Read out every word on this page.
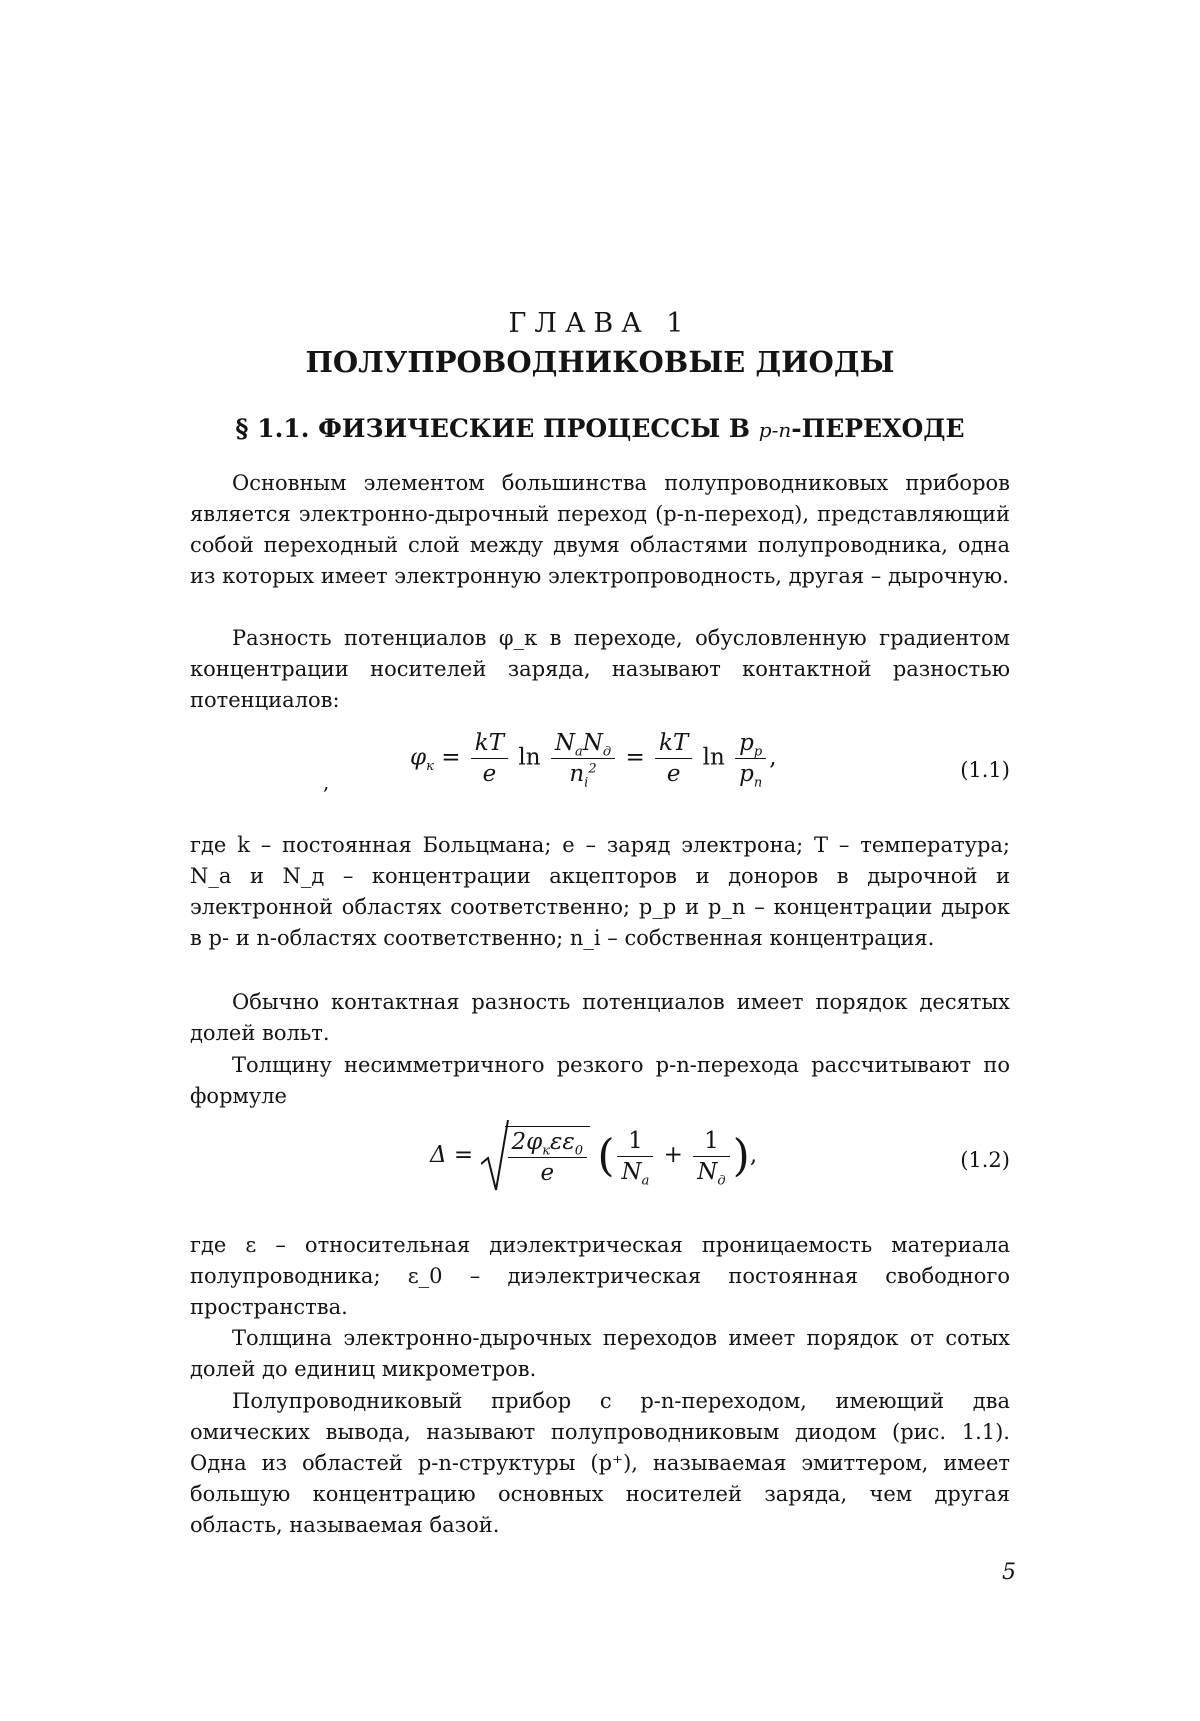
ГЛАВА 1
ПОЛУПРОВОДНИКОВЫЕ ДИОДЫ
§ 1.1. ФИЗИЧЕСКИЕ ПРОЦЕССЫ В p-n-ПЕРЕХОДЕ

Основным элементом большинства полупроводниковых приборов является электронно-дырочный переход (p-n-переход), представляющий собой переходный слой между двумя областями полупроводника, одна из которых имеет электронную электропроводность, другая – дырочную.

Разность потенциалов φ_к в переходе, обусловленную градиентом концентрации носителей заряда, называют контактной разностью потенциалов:

$\varphi_к = \frac{kT}{e}$ $\ln \frac{N_аN_д}{n_i^2} = \frac{kT}{e}$ $\ln \frac{p_p}{p_n}$ ,	(1.1)
,

где k – постоянная Больцмана; e – заряд электрона; T – температура; N_а и N_д – концентрации акцепторов и доноров в дырочной и электронной областях соответственно; p_p и p_n – концентрации дырок в p- и n-областях соответственно; n_i – собственная концентрация.

Обычно контактная разность потенциалов имеет порядок десятых долей вольт.

Толщину несимметричного резкого p-n-перехода рассчитывают по формуле

$\Delta = \frac{2\varphi_к\varepsilon\varepsilon_0}{e}$ ( $\frac{1}{N_а} + \frac{1}{N_д}$ ),	(1.2)

где ε – относительная диэлектрическая проницаемость материала полупроводника; ε_0 – диэлектрическая постоянная свободного пространства.

Толщина электронно-дырочных переходов имеет порядок от сотых долей до единиц микрометров.

Полупроводниковый прибор с p-n-переходом, имеющий два омических вывода, называют полупроводниковым диодом (рис. 1.1). Одна из областей p-n-структуры (p⁺), называемая эмиттером, имеет большую концентрацию основных носителей заряда, чем другая область, называемая базой.

5
